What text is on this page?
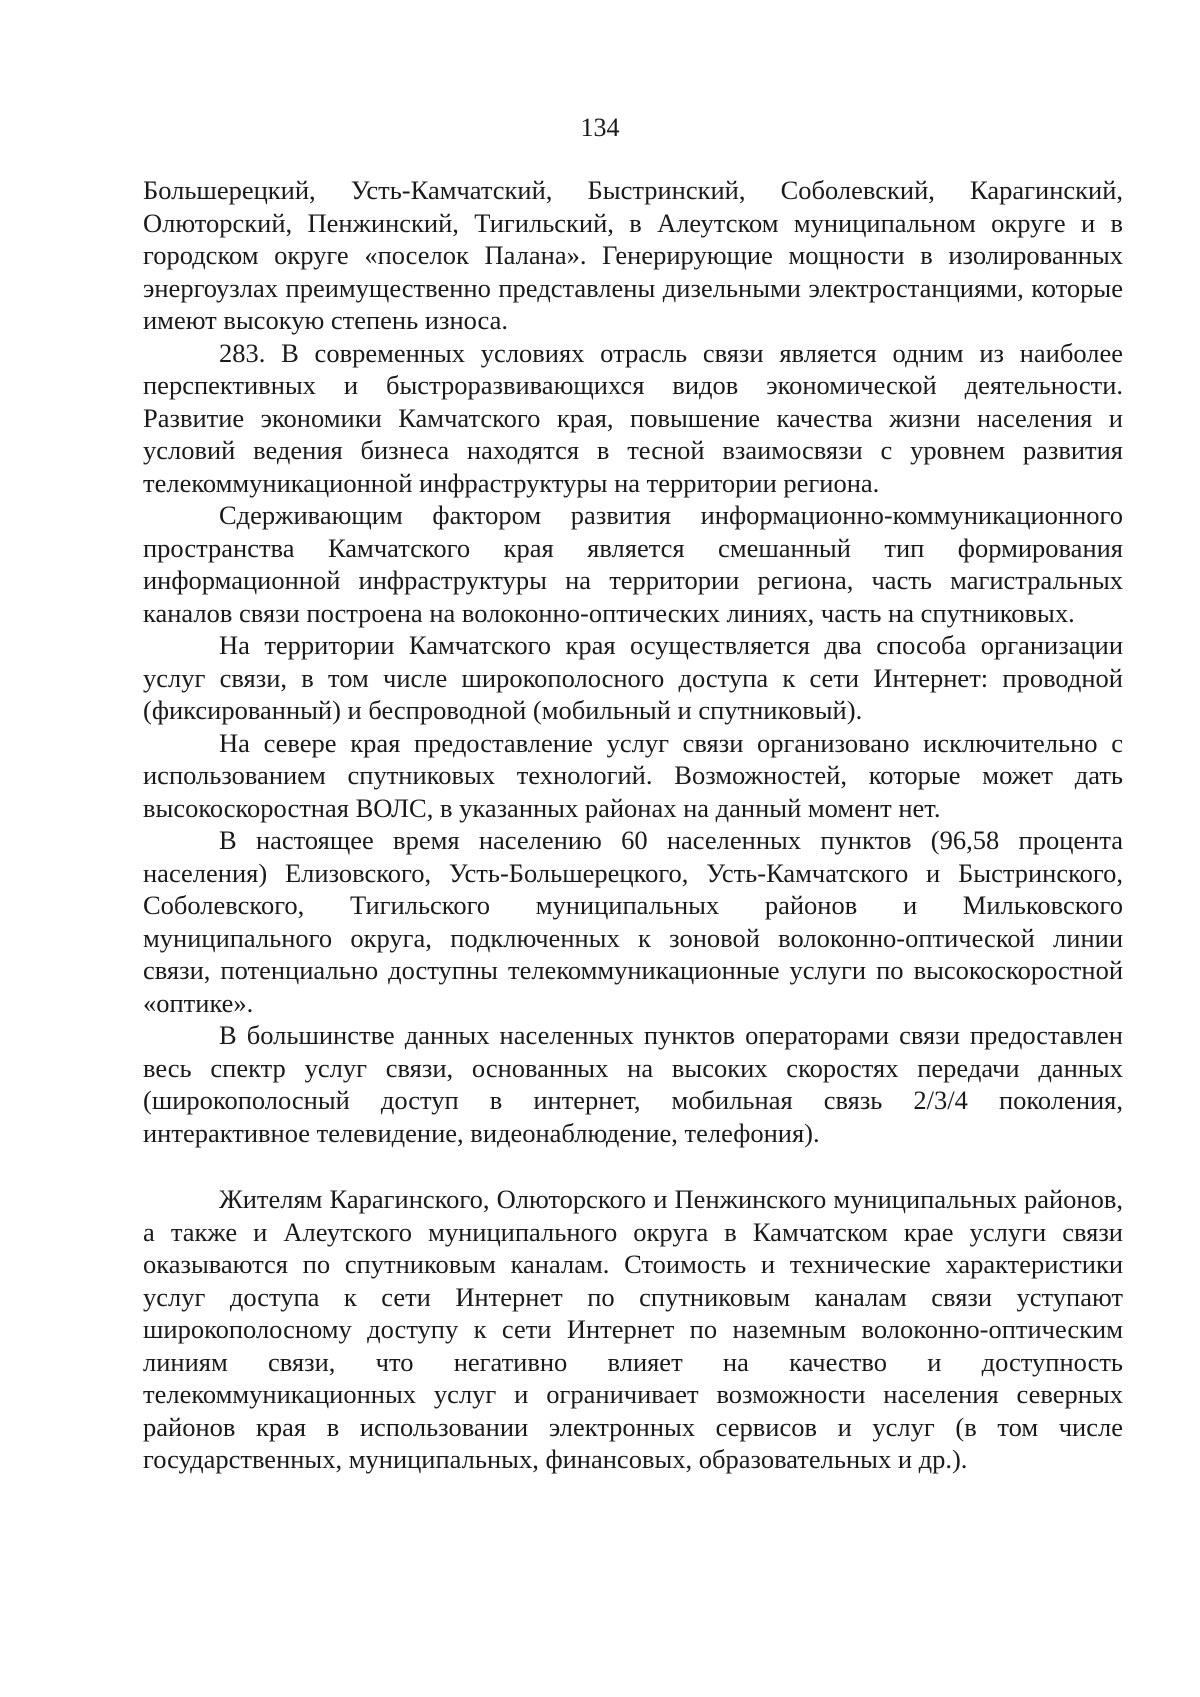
134

Большерецкий, Усть-Камчатский, Быстринский, Соболевский, Карагинский, Олюторский, Пенжинский, Тигильский, в Алеутском муниципальном округе и в городском округе «поселок Палана». Генерирующие мощности в изолированных энергоузлах преимущественно представлены дизельными электростанциями, которые имеют высокую степень износа.

283. В современных условиях отрасль связи является одним из наиболее перспективных и быстроразвивающихся видов экономической деятельности. Развитие экономики Камчатского края, повышение качества жизни населения и условий ведения бизнеса находятся в тесной взаимосвязи с уровнем развития телекоммуникационной инфраструктуры на территории региона.

Сдерживающим фактором развития информационно-коммуникационного пространства Камчатского края является смешанный тип формирования информационной инфраструктуры на территории региона, часть магистральных каналов связи построена на волоконно-оптических линиях, часть на спутниковых.

На территории Камчатского края осуществляется два способа организации услуг связи, в том числе широкополосного доступа к сети Интернет: проводной (фиксированный) и беспроводной (мобильный и спутниковый).

На севере края предоставление услуг связи организовано исключительно с использованием спутниковых технологий. Возможностей, которые может дать высокоскоростная ВОЛС, в указанных районах на данный момент нет.

В настоящее время населению 60 населенных пунктов (96,58 процента населения) Елизовского, Усть-Большерецкого, Усть-Камчатского и Быстринского, Соболевского, Тигильского муниципальных районов и Мильковского муниципального округа, подключенных к зоновой волоконно-оптической линии связи, потенциально доступны телекоммуникационные услуги по высокоскоростной «оптике».

В большинстве данных населенных пунктов операторами связи предоставлен весь спектр услуг связи, основанных на высоких скоростях передачи данных (широкополосный доступ в интернет, мобильная связь 2/3/4 поколения, интерактивное телевидение, видеонаблюдение, телефония).

Жителям Карагинского, Олюторского и Пенжинского муниципальных районов, а также и Алеутского муниципального округа в Камчатском крае услуги связи оказываются по спутниковым каналам. Стоимость и технические характеристики услуг доступа к сети Интернет по спутниковым каналам связи уступают широкополосному доступу к сети Интернет по наземным волоконно-оптическим линиям связи, что негативно влияет на качество и доступность телекоммуникационных услуг и ограничивает возможности населения северных районов края в использовании электронных сервисов и услуг (в том числе государственных, муниципальных, финансовых, образовательных и др.).
